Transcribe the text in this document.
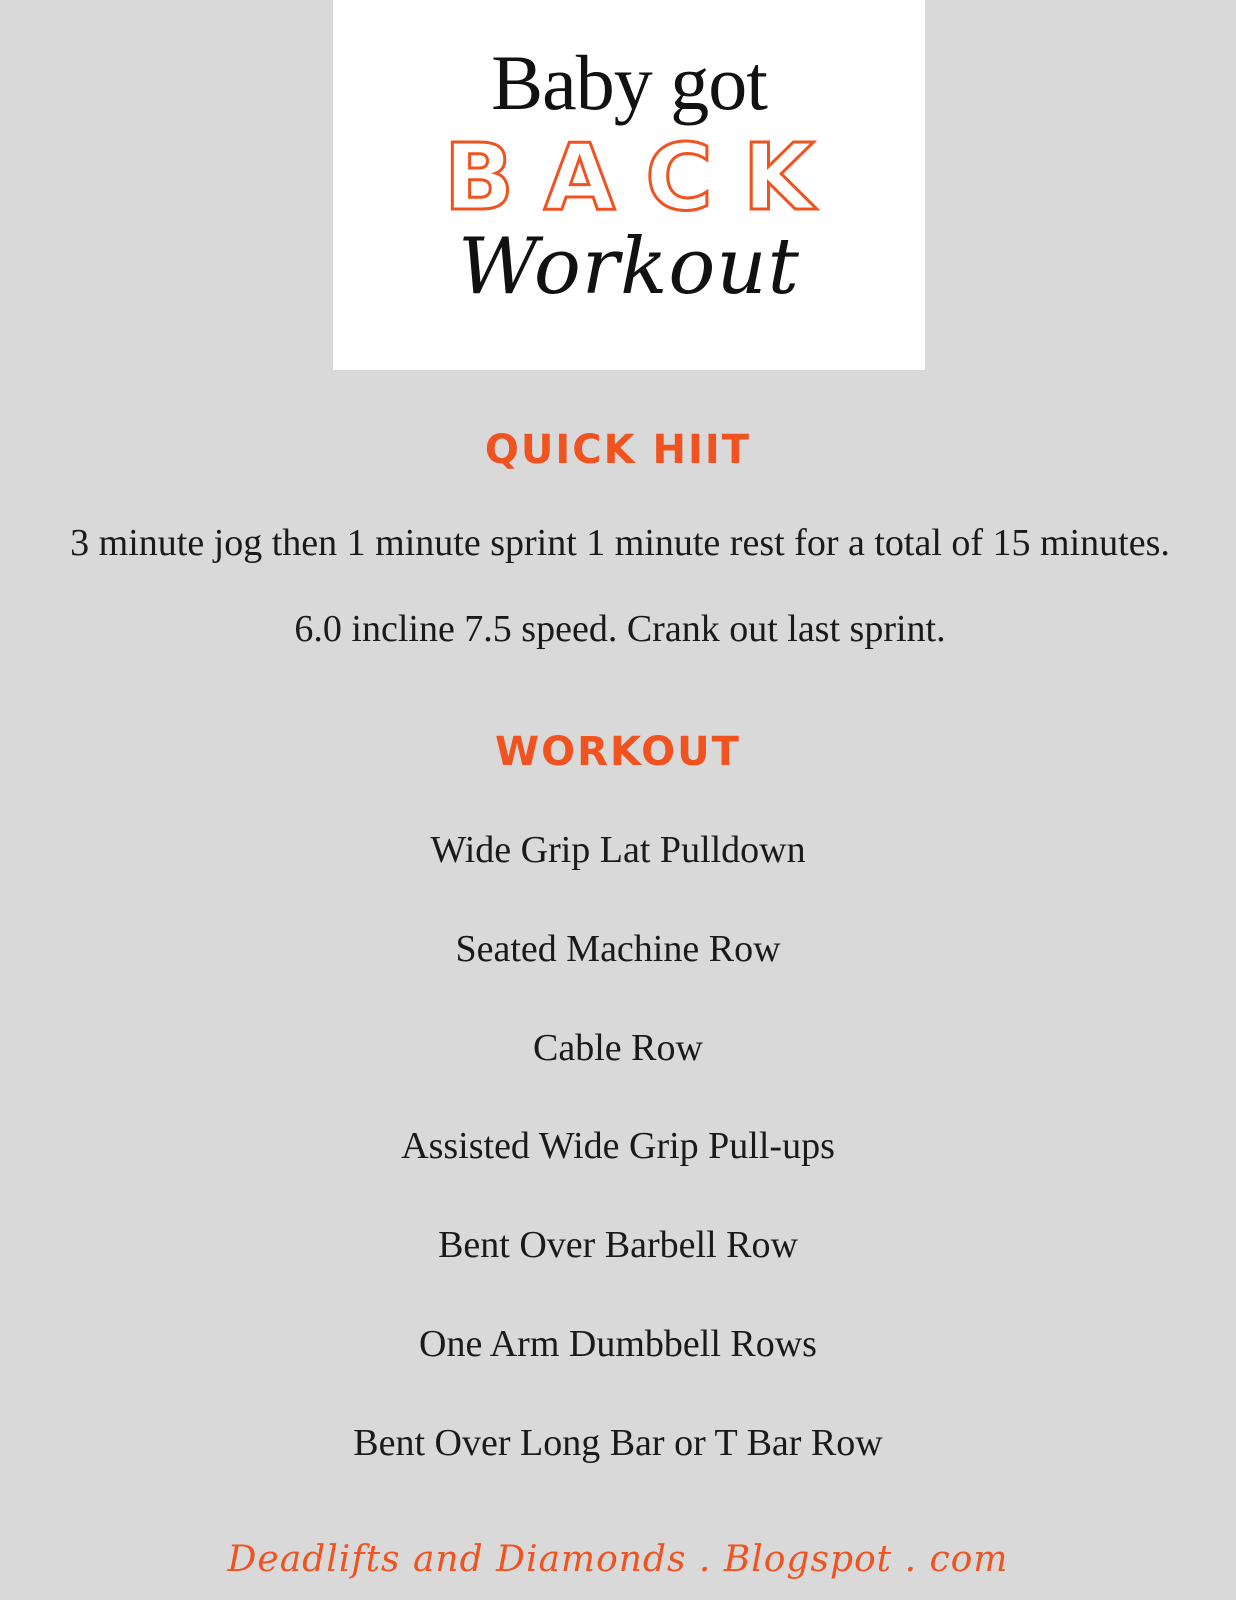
Baby got
BACK
Workout
QUICK HIIT
3 minute jog then 1 minute sprint 1 minute rest for a total of 15 minutes. 6.0 incline 7.5 speed. Crank out last sprint.
WORKOUT
Wide Grip Lat Pulldown
Seated Machine Row
Cable Row
Assisted Wide Grip Pull-ups
Bent Over Barbell Row
One Arm Dumbbell Rows
Bent Over Long Bar or T Bar Row
Deadlifts and Diamonds . Blogspot . com
